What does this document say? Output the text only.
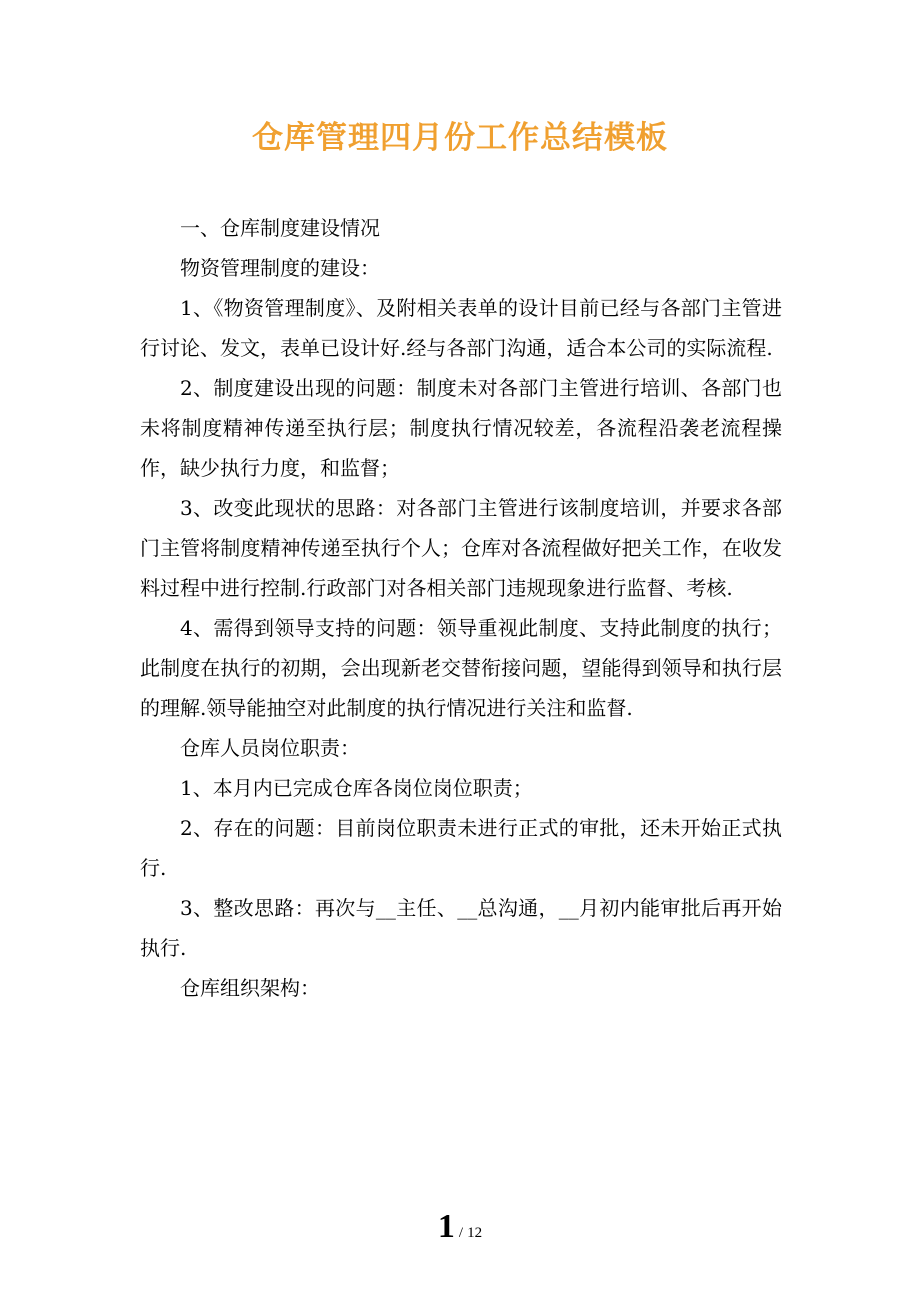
仓库管理四月份工作总结模板

一、仓库制度建设情况

物资管理制度的建设：

1、《物资管理制度》、及附相关表单的设计目前已经与各部门主管进行讨论、发文，表单已设计好.经与各部门沟通，适合本公司的实际流程.

2、制度建设出现的问题：制度未对各部门主管进行培训、各部门也未将制度精神传递至执行层；制度执行情况较差，各流程沿袭老流程操作，缺少执行力度，和监督；

3、改变此现状的思路：对各部门主管进行该制度培训，并要求各部门主管将制度精神传递至执行个人；仓库对各流程做好把关工作，在收发料过程中进行控制.行政部门对各相关部门违规现象进行监督、考核.

4、需得到领导支持的问题：领导重视此制度、支持此制度的执行；此制度在执行的初期，会出现新老交替衔接问题，望能得到领导和执行层的理解.领导能抽空对此制度的执行情况进行关注和监督.

仓库人员岗位职责：

1、本月内已完成仓库各岗位岗位职责；

2、存在的问题：目前岗位职责未进行正式的审批，还未开始正式执行.

3、整改思路：再次与__主任、__总沟通，__月初内能审批后再开始执行.

仓库组织架构：

1 / 12
